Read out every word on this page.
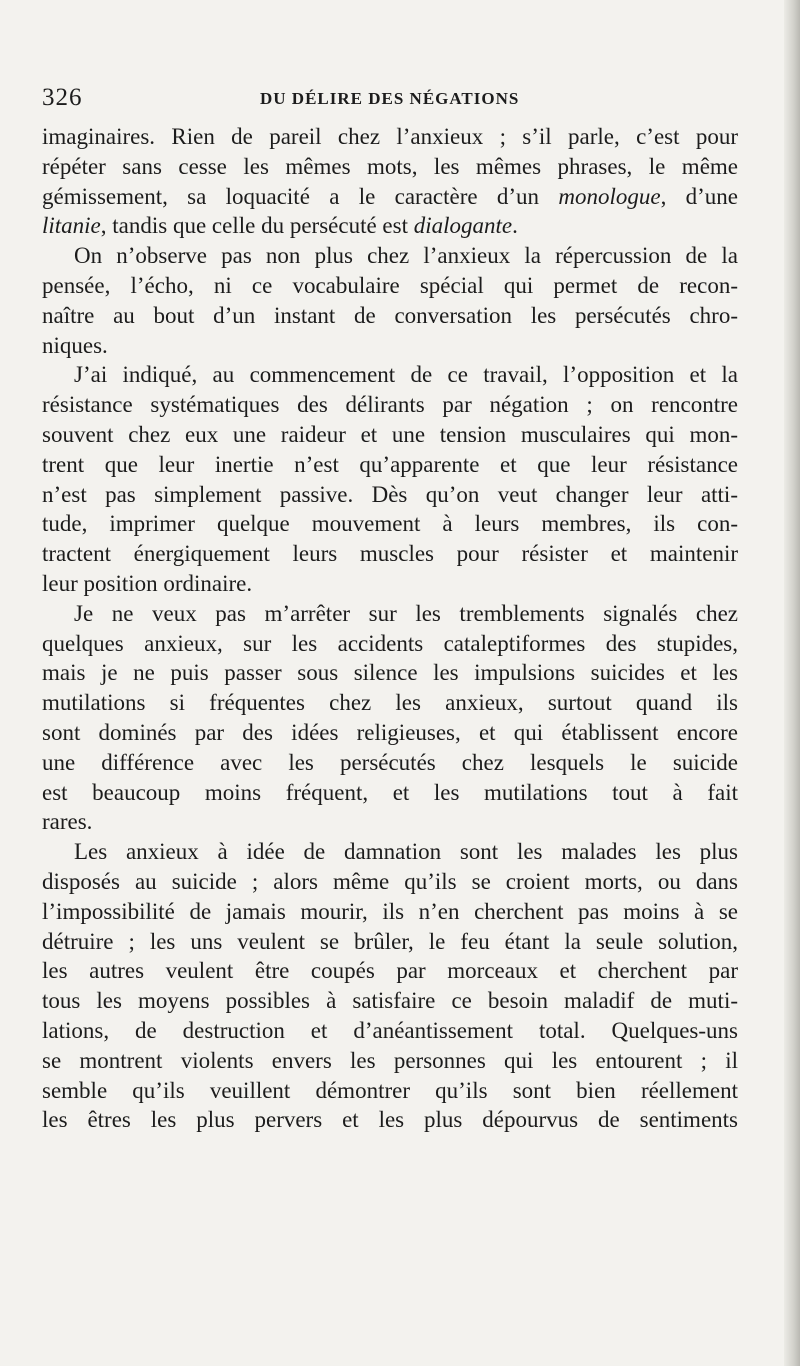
326	DU DÉLIRE DES NÉGATIONS
imaginaires. Rien de pareil chez l’anxieux ; s’il parle, c’est pour
répéter sans cesse les mêmes mots, les mêmes phrases, le même
gémissement, sa loquacité a le caractère d’un monologue, d’une
litanie, tandis que celle du persécuté est dialogante.
On n’observe pas non plus chez l’anxieux la répercussion de la
pensée, l’écho, ni ce vocabulaire spécial qui permet de recon-
naître au bout d’un instant de conversation les persécutés chro-
niques.
J’ai indiqué, au commencement de ce travail, l’opposition et la
résistance systématiques des délirants par négation ; on rencontre
souvent chez eux une raideur et une tension musculaires qui mon-
trent que leur inertie n’est qu’apparente et que leur résistance
n’est pas simplement passive. Dès qu’on veut changer leur atti-
tude, imprimer quelque mouvement à leurs membres, ils con-
tractent énergiquement leurs muscles pour résister et maintenir
leur position ordinaire.
Je ne veux pas m’arrêter sur les tremblements signalés chez
quelques anxieux, sur les accidents cataleptiformes des stupides,
mais je ne puis passer sous silence les impulsions suicides et les
mutilations si fréquentes chez les anxieux, surtout quand ils
sont dominés par des idées religieuses, et qui établissent encore
une différence avec les persécutés chez lesquels le suicide
est beaucoup moins fréquent, et les mutilations tout à fait
rares.
Les anxieux à idée de damnation sont les malades les plus
disposés au suicide ; alors même qu’ils se croient morts, ou dans
l’impossibilité de jamais mourir, ils n’en cherchent pas moins à se
détruire ; les uns veulent se brûler, le feu étant la seule solution,
les autres veulent être coupés par morceaux et cherchent par
tous les moyens possibles à satisfaire ce besoin maladif de muti-
lations, de destruction et d’anéantissement total. Quelques-uns
se montrent violents envers les personnes qui les entourent ; il
semble qu’ils veuillent démontrer qu’ils sont bien réellement
les êtres les plus pervers et les plus dépourvus de sentiments
